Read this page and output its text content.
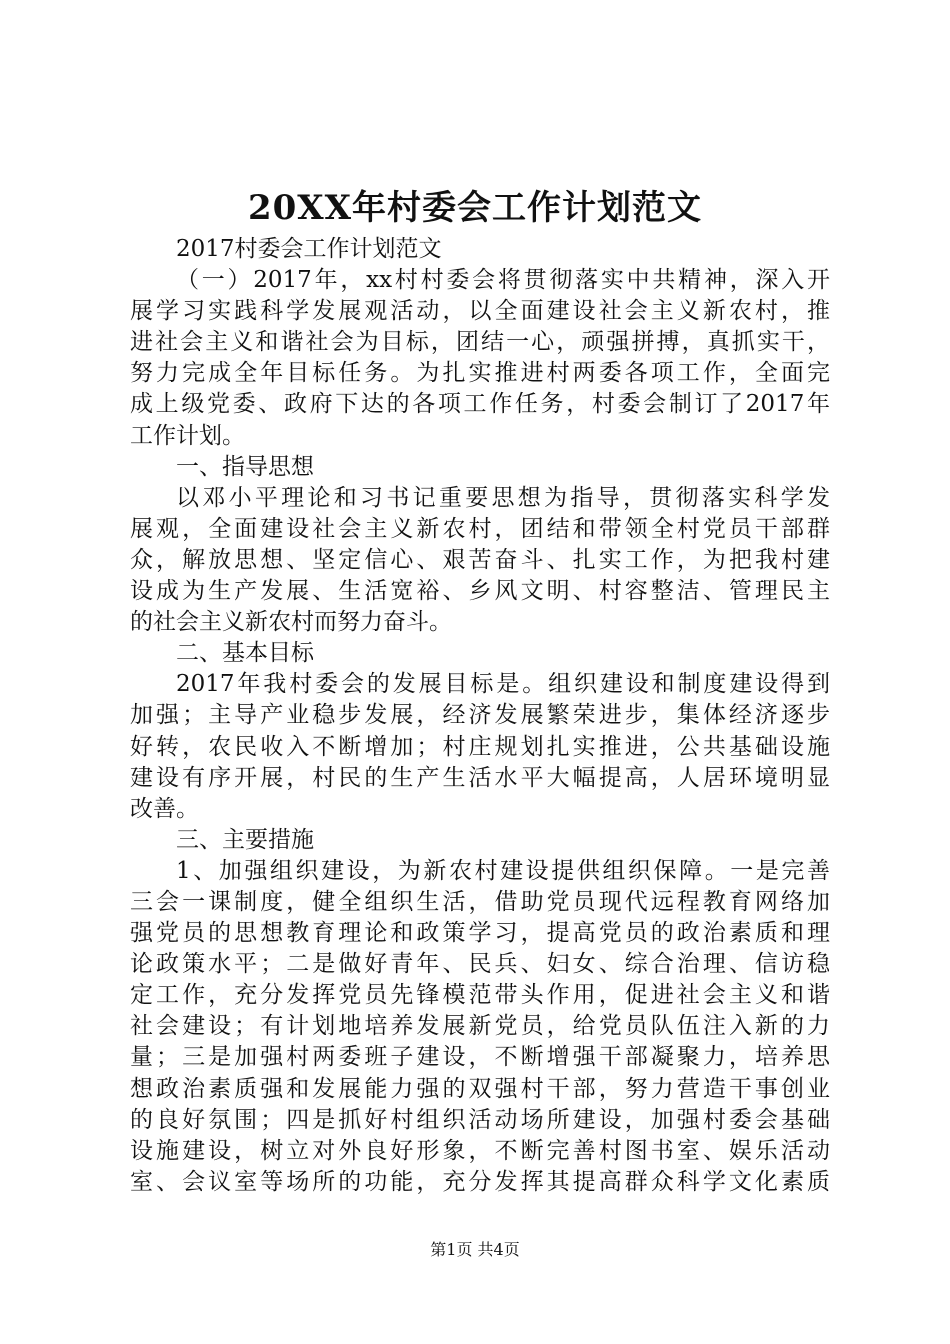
20XX年村委会工作计划范文

2017村委会工作计划范文

（一）2017年，xx村村委会将贯彻落实中共精神，深入开

展学习实践科学发展观活动，以全面建设社会主义新农村，推

进社会主义和谐社会为目标，团结一心，顽强拼搏，真抓实干，

努力完成全年目标任务。为扎实推进村两委各项工作，全面完

成上级党委、政府下达的各项工作任务，村委会制订了2017年

工作计划。

一、指导思想

以邓小平理论和习书记重要思想为指导，贯彻落实科学发

展观，全面建设社会主义新农村，团结和带领全村党员干部群

众，解放思想、坚定信心、艰苦奋斗、扎实工作，为把我村建

设成为生产发展、生活宽裕、乡风文明、村容整洁、管理民主

的社会主义新农村而努力奋斗。

二、基本目标

2017年我村委会的发展目标是。组织建设和制度建设得到

加强；主导产业稳步发展，经济发展繁荣进步，集体经济逐步

好转，农民收入不断增加；村庄规划扎实推进，公共基础设施

建设有序开展，村民的生产生活水平大幅提高，人居环境明显

改善。

三、主要措施

1、加强组织建设，为新农村建设提供组织保障。一是完善

三会一课制度，健全组织生活，借助党员现代远程教育网络加

强党员的思想教育理论和政策学习，提高党员的政治素质和理

论政策水平；二是做好青年、民兵、妇女、综合治理、信访稳

定工作，充分发挥党员先锋模范带头作用，促进社会主义和谐

社会建设；有计划地培养发展新党员，给党员队伍注入新的力

量；三是加强村两委班子建设，不断增强干部凝聚力，培养思

想政治素质强和发展能力强的双强村干部，努力营造干事创业

的良好氛围；四是抓好村组织活动场所建设，加强村委会基础

设施建设，树立对外良好形象，不断完善村图书室、娱乐活动

室、会议室等场所的功能，充分发挥其提高群众科学文化素质

第1页 共4页
